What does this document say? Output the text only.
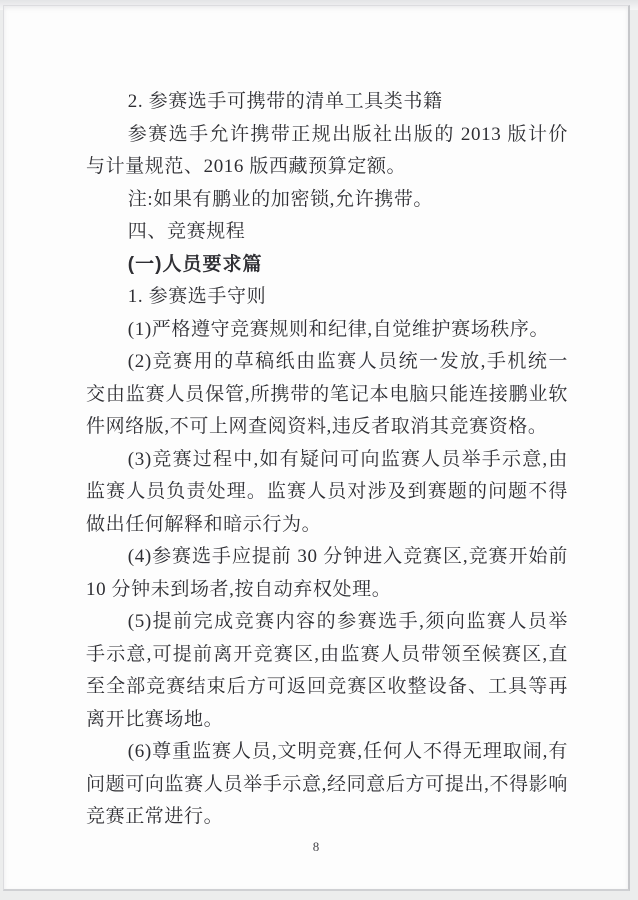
2. 参赛选手可携带的清单工具类书籍

参赛选手允许携带正规出版社出版的 2013 版计价与计量规范、2016 版西藏预算定额。

注:如果有鹏业的加密锁,允许携带。

四、竞赛规程

(一)人员要求篇

1. 参赛选手守则

(1)严格遵守竞赛规则和纪律,自觉维护赛场秩序。

(2)竞赛用的草稿纸由监赛人员统一发放,手机统一交由监赛人员保管,所携带的笔记本电脑只能连接鹏业软件网络版,不可上网查阅资料,违反者取消其竞赛资格。

(3)竞赛过程中,如有疑问可向监赛人员举手示意,由监赛人员负责处理。监赛人员对涉及到赛题的问题不得做出任何解释和暗示行为。

(4)参赛选手应提前 30 分钟进入竞赛区,竞赛开始前 10 分钟未到场者,按自动弃权处理。

(5)提前完成竞赛内容的参赛选手,须向监赛人员举手示意,可提前离开竞赛区,由监赛人员带领至候赛区,直至全部竞赛结束后方可返回竞赛区收整设备、工具等再离开比赛场地。

(6)尊重监赛人员,文明竞赛,任何人不得无理取闹,有问题可向监赛人员举手示意,经同意后方可提出,不得影响竞赛正常进行。

8
